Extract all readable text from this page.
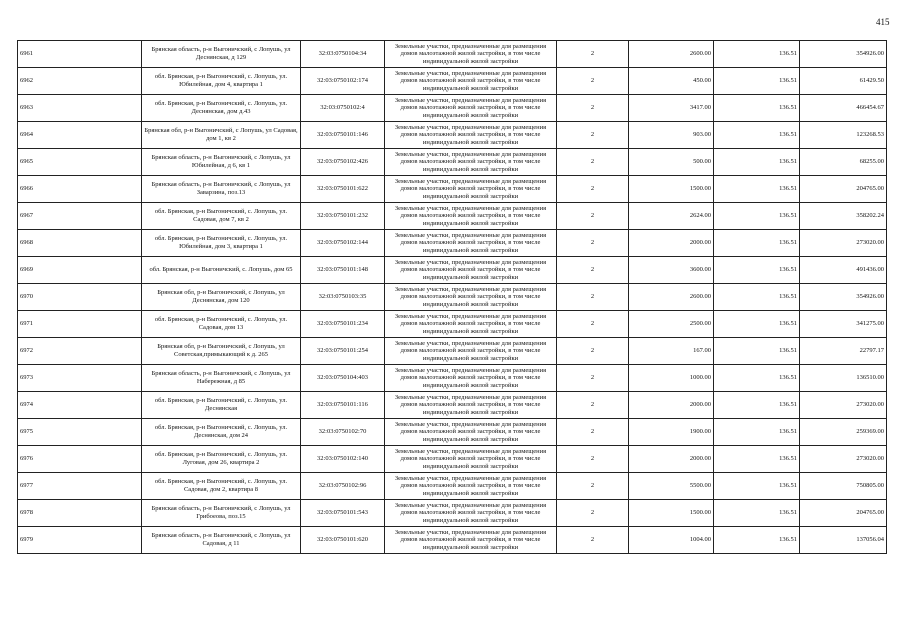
415
6961	Брянская область, р-н Выгоничский, с Лопушь, ул Деснянская, д 129	32:03:0750104:34	Земельные участки, предназначенные для размещения домов малоэтажной жилой застройки, в том числе индивидуальной жилой застройки	2	2600.00	136.51	354926.00
6962	обл. Брянская, р-н Выгоничский, с. Лопушь, ул. Юбилейная, дом 4, квартира 1	32:03:0750102:174	Земельные участки, предназначенные для размещения домов малоэтажной жилой застройки, в том числе индивидуальной жилой застройки	2	450.00	136.51	61429.50
6963	обл. Брянская, р-н Выгоничский, с. Лопушь, ул. Деснянская, дом д.43	32:03:0750102:4	Земельные участки, предназначенные для размещения домов малоэтажной жилой застройки, в том числе индивидуальной жилой застройки	2	3417.00	136.51	466454.67
6964	Брянская обл, р-н Выгоничский, с Лопушь, ул Садовая, дом 1, кв 2	32:03:0750101:146	Земельные участки, предназначенные для размещения домов малоэтажной жилой застройки, в том числе индивидуальной жилой застройки	2	903.00	136.51	123268.53
6965	Брянская область, р-н Выгоничский, с Лопушь, ул Юбилейная, д 6, кв 1	32:03:0750102:426	Земельные участки, предназначенные для размещения домов малоэтажной жилой застройки, в том числе индивидуальной жилой застройки	2	500.00	136.51	68255.00
6966	Брянская область, р-н Выгоничский, с Лопушь, ул Заварзина, поз.13	32:03:0750101:622	Земельные участки, предназначенные для размещения домов малоэтажной жилой застройки, в том числе индивидуальной жилой застройки	2	1500.00	136.51	204765.00
6967	обл. Брянская, р-н Выгоничский, с. Лопушь, ул. Садовая, дом 7, кв 2	32:03:0750101:232	Земельные участки, предназначенные для размещения домов малоэтажной жилой застройки, в том числе индивидуальной жилой застройки	2	2624.00	136.51	358202.24
6968	обл. Брянская, р-н Выгоничский, с. Лопушь, ул. Юбилейная, дом 3, квартира 1	32:03:0750102:144	Земельные участки, предназначенные для размещения домов малоэтажной жилой застройки, в том числе индивидуальной жилой застройки	2	2000.00	136.51	273020.00
6969	обл. Брянская, р-н Выгоничский, с. Лопушь, дом 65	32:03:0750101:148	Земельные участки, предназначенные для размещения домов малоэтажной жилой застройки, в том числе индивидуальной жилой застройки	2	3600.00	136.51	491436.00
6970	Брянская обл, р-н Выгоничский, с Лопушь, ул Деснянская, дом 120	32:03:0750103:35	Земельные участки, предназначенные для размещения домов малоэтажной жилой застройки, в том числе индивидуальной жилой застройки	2	2600.00	136.51	354926.00
6971	обл. Брянская, р-н Выгоничский, с. Лопушь, ул. Садовая, дом 13	32:03:0750101:234	Земельные участки, предназначенные для размещения домов малоэтажной жилой застройки, в том числе индивидуальной жилой застройки	2	2500.00	136.51	341275.00
6972	Брянская обл, р-н Выгоничский, с Лопушь, ул Советская,примыкающий к д. 265	32:03:0750101:254	Земельные участки, предназначенные для размещения домов малоэтажной жилой застройки, в том числе индивидуальной жилой застройки	2	167.00	136.51	22797.17
6973	Брянская область, р-н Выгоничский, с Лопушь, ул Набережная, д 85	32:03:0750104:403	Земельные участки, предназначенные для размещения домов малоэтажной жилой застройки, в том числе индивидуальной жилой застройки	2	1000.00	136.51	136510.00
6974	обл. Брянская, р-н Выгоничский, с. Лопушь, ул. Деснянская	32:03:0750101:116	Земельные участки, предназначенные для размещения домов малоэтажной жилой застройки, в том числе индивидуальной жилой застройки	2	2000.00	136.51	273020.00
6975	обл. Брянская, р-н Выгоничский, с. Лопушь, ул. Деснянская, дом 24	32:03:0750102:70	Земельные участки, предназначенные для размещения домов малоэтажной жилой застройки, в том числе индивидуальной жилой застройки	2	1900.00	136.51	259369.00
6976	обл. Брянская, р-н Выгоничский, с. Лопушь, ул. Луговая, дом 26, квартира 2	32:03:0750102:140	Земельные участки, предназначенные для размещения домов малоэтажной жилой застройки, в том числе индивидуальной жилой застройки	2	2000.00	136.51	273020.00
6977	обл. Брянская, р-н Выгоничский, с. Лопушь, ул. Садовая, дом 2, квартира 8	32:03:0750102:96	Земельные участки, предназначенные для размещения домов малоэтажной жилой застройки, в том числе индивидуальной жилой застройки	2	5500.00	136.51	750805.00
6978	Брянская область, р-н Выгоничский, с Лопушь, ул Грибоеова, поз.15	32:03:0750101:543	Земельные участки, предназначенные для размещения домов малоэтажной жилой застройки, в том числе индивидуальной жилой застройки	2	1500.00	136.51	204765.00
6979	Брянская область, р-н Выгоничский, с Лопушь, ул Садовая, д 11	32:03:0750101:620	Земельные участки, предназначенные для размещения домов малоэтажной жилой застройки, в том числе индивидуальной жилой застройки	2	1004.00	136.51	137056.04
